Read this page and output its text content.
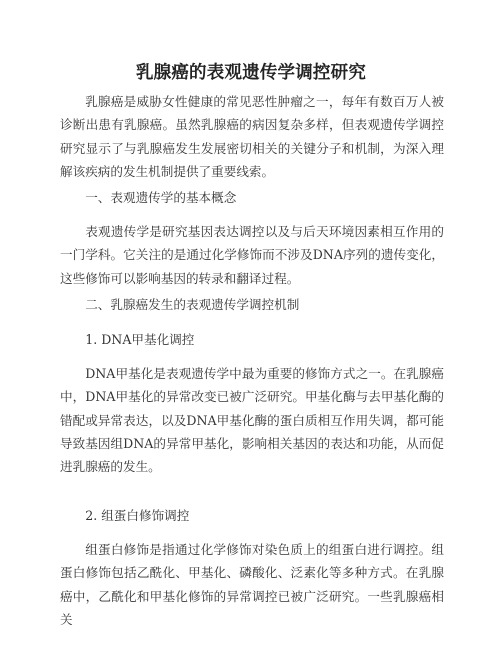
乳腺癌的表观遗传学调控研究

乳腺癌是威胁女性健康的常见恶性肿瘤之一，每年有数百万人被诊断出患有乳腺癌。虽然乳腺癌的病因复杂多样，但表观遗传学调控研究显示了与乳腺癌发生发展密切相关的关键分子和机制，为深入理解该疾病的发生机制提供了重要线索。

一、表观遗传学的基本概念

表观遗传学是研究基因表达调控以及与后天环境因素相互作用的一门学科。它关注的是通过化学修饰而不涉及DNA序列的遗传变化，这些修饰可以影响基因的转录和翻译过程。

二、乳腺癌发生的表观遗传学调控机制

1. DNA甲基化调控

DNA甲基化是表观遗传学中最为重要的修饰方式之一。在乳腺癌中，DNA甲基化的异常改变已被广泛研究。甲基化酶与去甲基化酶的错配或异常表达，以及DNA甲基化酶的蛋白质相互作用失调，都可能导致基因组DNA的异常甲基化，影响相关基因的表达和功能，从而促进乳腺癌的发生。

2. 组蛋白修饰调控

组蛋白修饰是指通过化学修饰对染色质上的组蛋白进行调控。组蛋白修饰包括乙酰化、甲基化、磷酸化、泛素化等多种方式。在乳腺癌中，乙酰化和甲基化修饰的异常调控已被广泛研究。一些乳腺癌相关
